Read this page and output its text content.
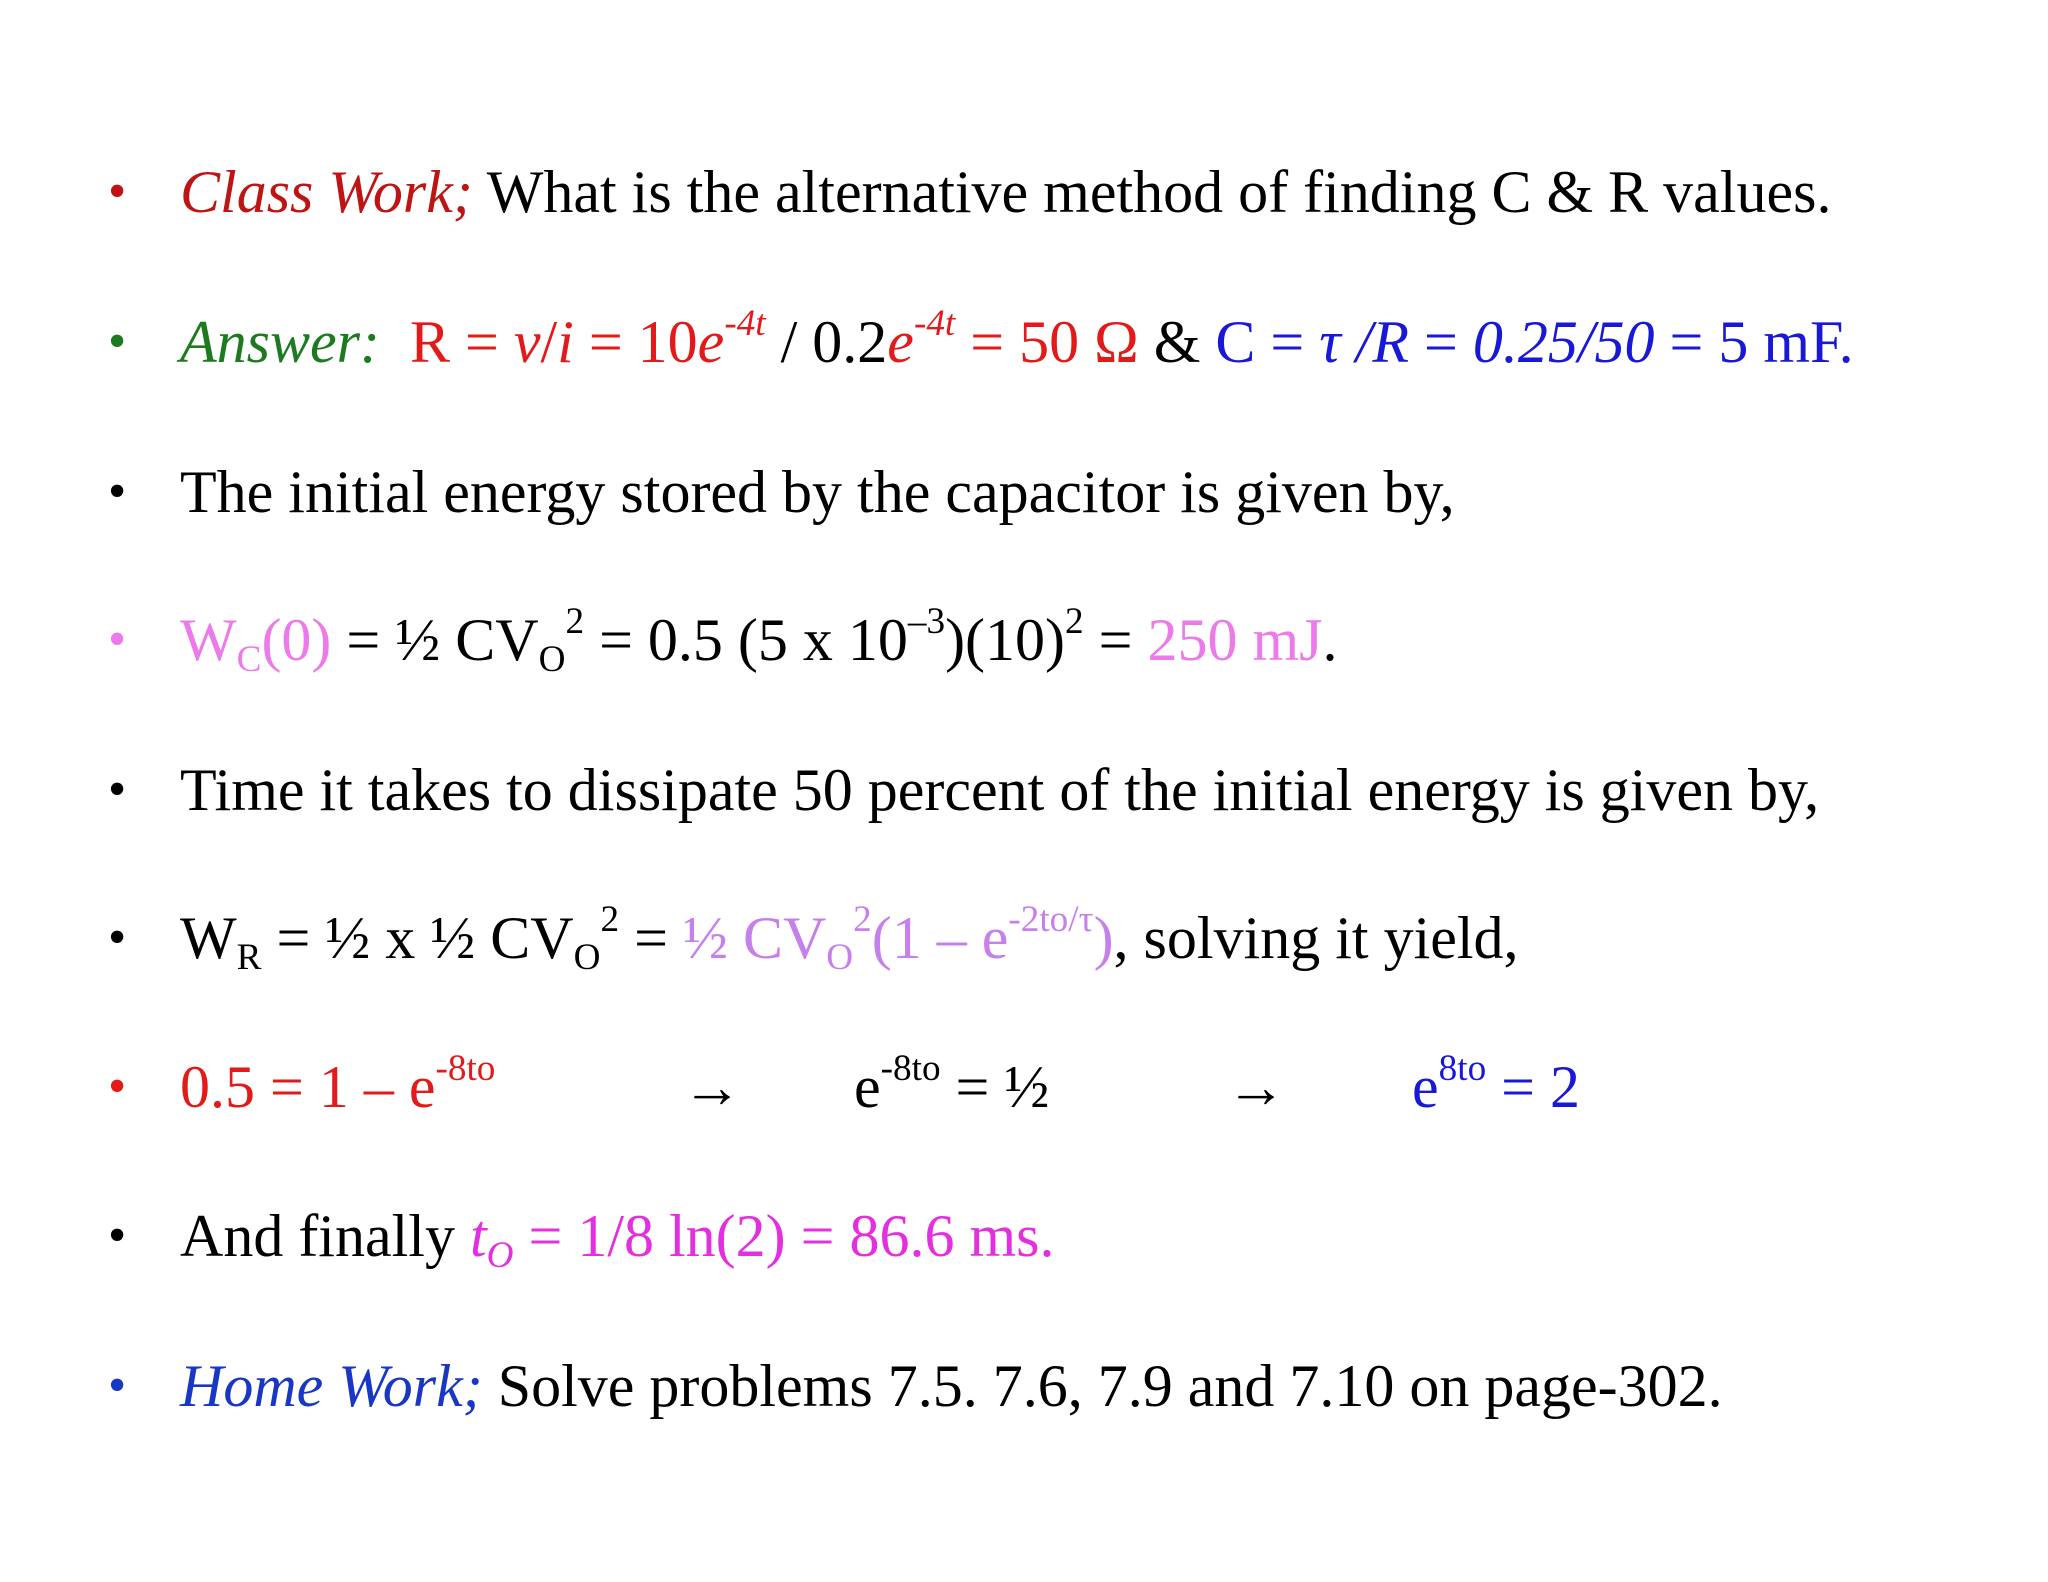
• Class Work; What is the alternative method of finding C & R values.
• Answer: $R = v/i = 10e^{-4t} / 0.2e^{-4t} = 50$ Ω & C = τ /R = 0.25/50 = 5 mF.
• The initial energy stored by the capacitor is given by,
• $W_C(0)$ = ½ $CV_O^2 = 0.5$ (5 x $10^{-3})(10)^2 = 250$ mJ.
• Time it takes to dissipate 50 percent of the initial energy is given by,
• $W_R$ = ½ x ½ $CV_O^2$ = ½ $CV_O^2(1 - e^{-2to/\tau})$, solving it yield,
• $0.5 = 1 - e^{-8to}$	→ $e^{-8to}$ = ½	→ $e^{8to} = 2$
• And finally $t_O = 1/8$ ln(2) = 86.6 ms.
• Home Work; Solve problems 7.5. 7.6, 7.9 and 7.10 on page-302.
